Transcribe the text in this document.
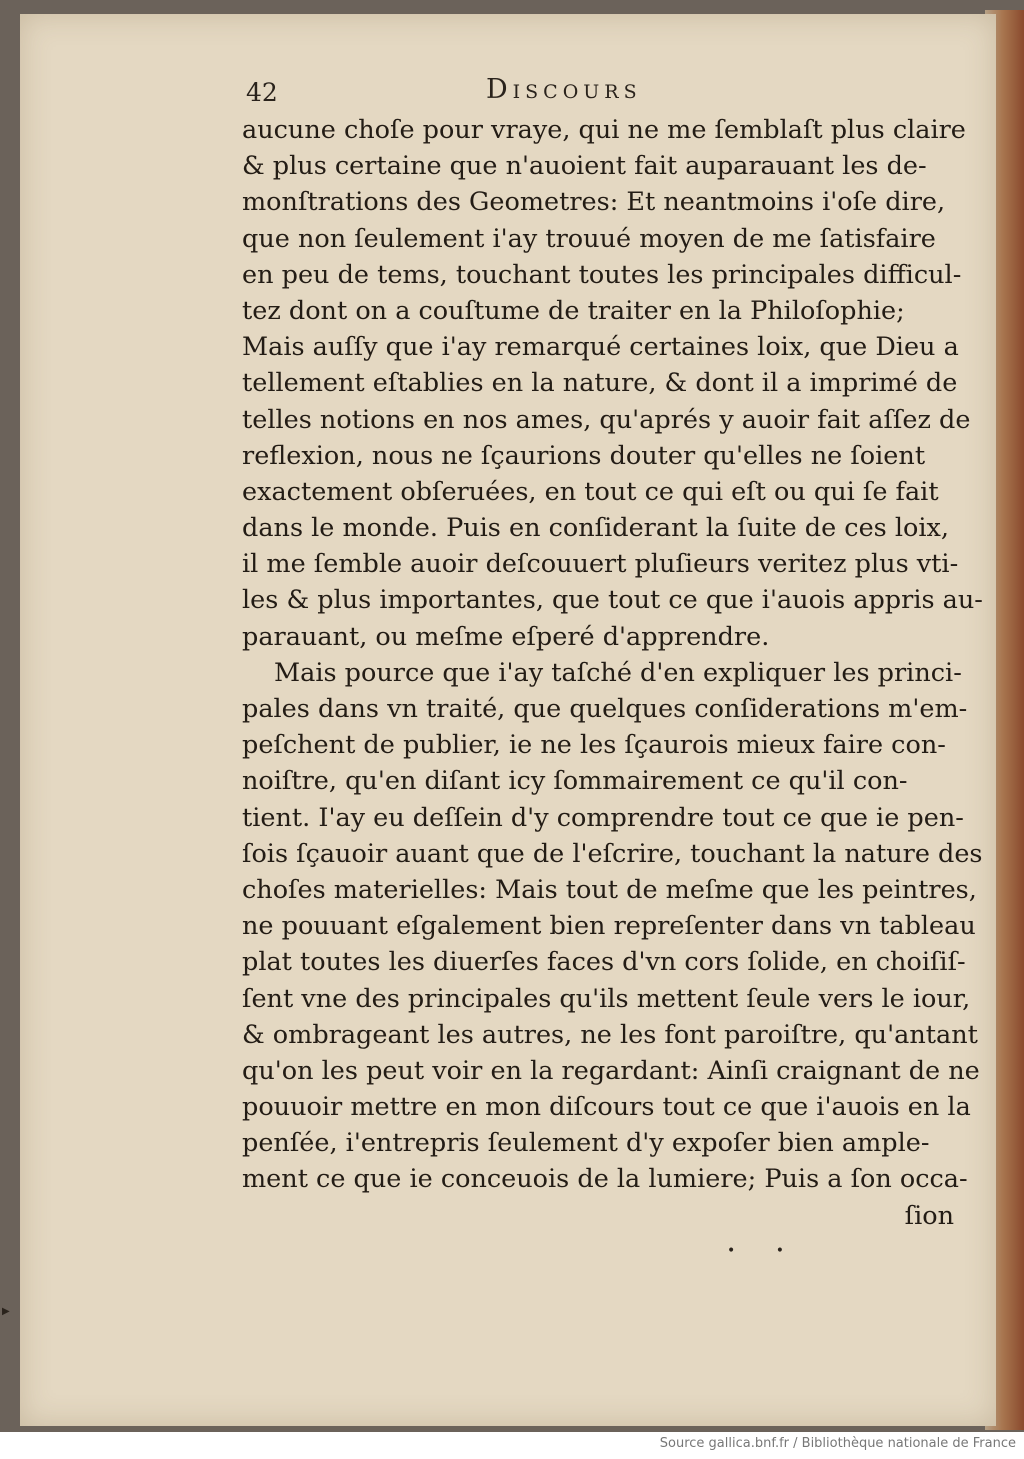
42	Discours
aucune choſe pour vraye, qui ne me ſemblaſt plus claire
& plus certaine que n'auoient fait auparauant les de-
monſtrations des Geometres: Et neantmoins i'oſe dire,
que non ſeulement i'ay trouué moyen de me ſatisfaire
en peu de tems, touchant toutes les principales difficul-
tez dont on a couſtume de traiter en la Philoſophie;
Mais auſſy que i'ay remarqué certaines loix, que Dieu a
tellement eſtablies en la nature, & dont il a imprimé de
telles notions en nos ames, qu'aprés y auoir fait aſſez de
reflexion, nous ne ſçaurions douter qu'elles ne ſoient
exactement obſeruées, en tout ce qui eſt ou qui ſe fait
dans le monde. Puis en conſiderant la ſuite de ces loix,
il me ſemble auoir deſcouuert pluſieurs veritez plus vti-
les & plus importantes, que tout ce que i'auois appris au-
parauant, ou meſme eſperé d'apprendre.
Mais pource que i'ay taſché d'en expliquer les princi-
pales dans vn traité, que quelques conſiderations m'em-
peſchent de publier, ie ne les ſçaurois mieux faire con-
noiſtre, qu'en diſant icy ſommairement ce qu'il con-
tient. I'ay eu deſſein d'y comprendre tout ce que ie pen-
ſois ſçauoir auant que de l'eſcrire, touchant la nature des
choſes materielles: Mais tout de meſme que les peintres,
ne pouuant eſgalement bien repreſenter dans vn tableau
plat toutes les diuerſes faces d'vn cors ſolide, en choiſiſ-
ſent vne des principales qu'ils mettent ſeule vers le iour,
& ombrageant les autres, ne les font paroiſtre, qu'antant
qu'on les peut voir en la regardant: Ainſi craignant de ne
pouuoir mettre en mon diſcours tout ce que i'auois en la
penſée, i'entrepris ſeulement d'y expoſer bien ample-
ment ce que ie conceuois de la lumiere; Puis a ſon occa-
ſion
• •
▶
Source gallica.bnf.fr / Bibliothèque nationale de France
